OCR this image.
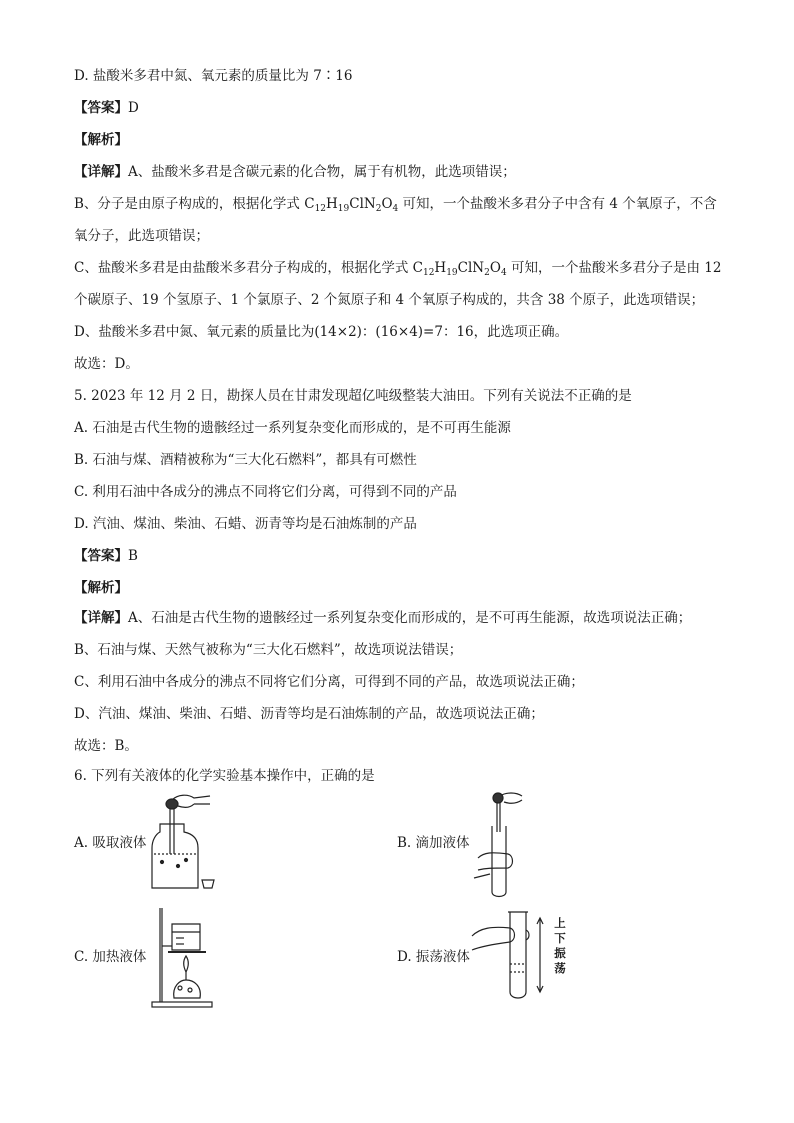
D. 盐酸米多君中氮、氧元素的质量比为 7∶16
【答案】D
【解析】
【详解】A、盐酸米多君是含碳元素的化合物，属于有机物，此选项错误；
B、分子是由原子构成的，根据化学式 $C_{12}H_{19}ClN_2O_4$ 可知，一个盐酸米多君分子中含有 4 个氧原子，不含
氧分子，此选项错误；
C、盐酸米多君是由盐酸米多君分子构成的，根据化学式 $C_{12}H_{19}ClN_2O_4$ 可知，一个盐酸米多君分子是由 12
个碳原子、19 个氢原子、1 个氯原子、2 个氮原子和 4 个氧原子构成的，共含 38 个原子，此选项错误；
D、盐酸米多君中氮、氧元素的质量比为(14×2)：(16×4)=7：16，此选项正确。
故选：D。
5. 2023 年 12 月 2 日，勘探人员在甘肃发现超亿吨级整装大油田。下列有关说法不正确的是
A. 石油是古代生物的遗骸经过一系列复杂变化而形成的，是不可再生能源
B. 石油与煤、酒精被称为“三大化石燃料”，都具有可燃性
C. 利用石油中各成分的沸点不同将它们分离，可得到不同的产品
D. 汽油、煤油、柴油、石蜡、沥青等均是石油炼制的产品
【答案】B
【解析】
【详解】A、石油是古代生物的遗骸经过一系列复杂变化而形成的，是不可再生能源，故选项说法正确；
B、石油与煤、天然气被称为“三大化石燃料”，故选项说法错误；
C、利用石油中各成分的沸点不同将它们分离，可得到不同的产品，故选项说法正确；
D、汽油、煤油、柴油、石蜡、沥青等均是石油炼制的产品，故选项说法正确；
故选：B。
6. 下列有关液体的化学实验基本操作中，正确的是
A. 吸取液体	B. 滴加液体
C. 加热液体	D. 振荡液体
上
下
振
荡
